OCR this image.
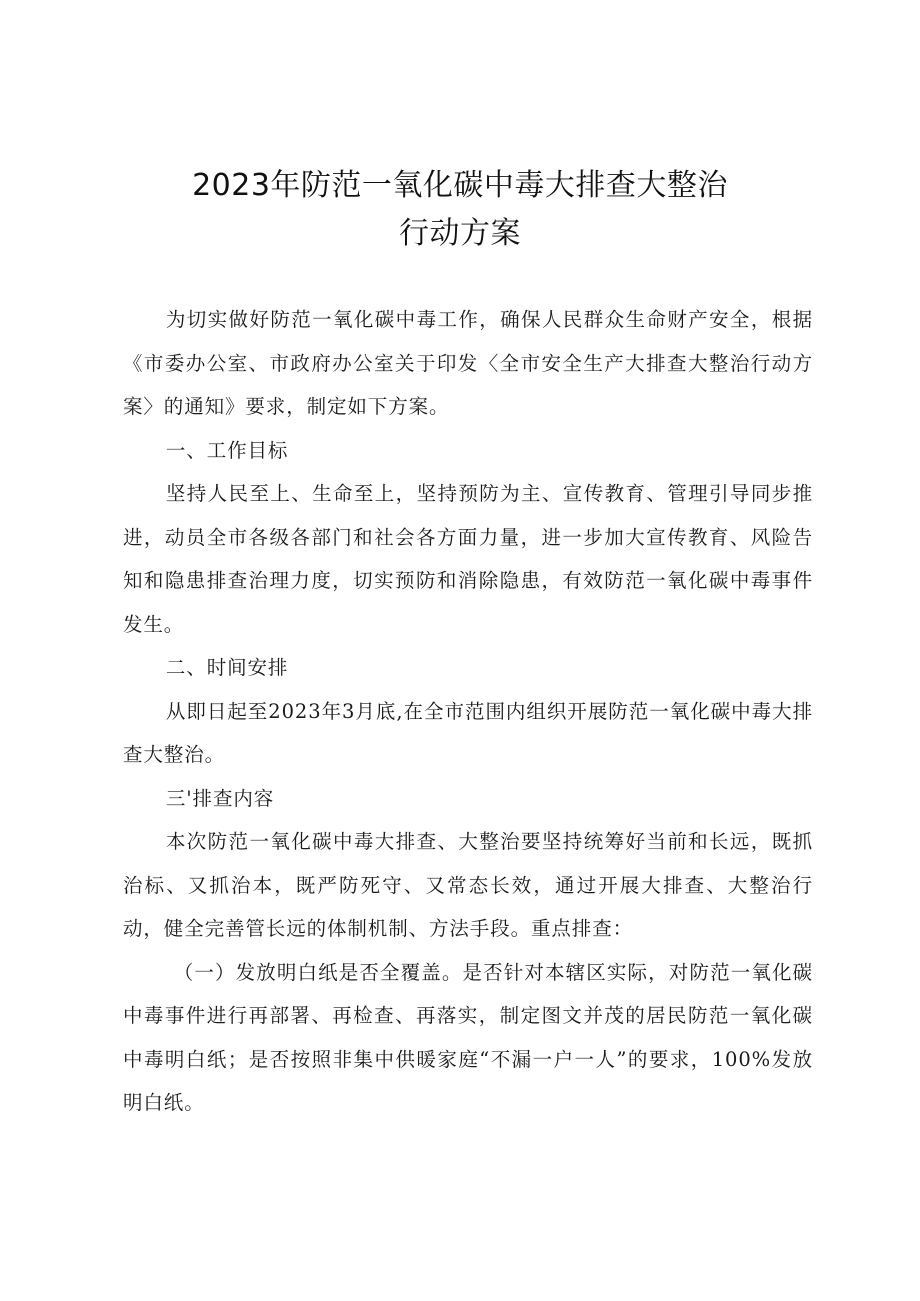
2023年防范一氧化碳中毒大排查大整治
行动方案

为切实做好防范一氧化碳中毒工作，确保人民群众生命财产安全，根据《市委办公室、市政府办公室关于印发〈全市安全生产大排查大整治行动方案〉的通知》要求，制定如下方案。

一、工作目标

坚持人民至上、生命至上，坚持预防为主、宣传教育、管理引导同步推进，动员全市各级各部门和社会各方面力量，进一步加大宣传教育、风险告知和隐患排查治理力度，切实预防和消除隐患，有效防范一氧化碳中毒事件发生。

二、时间安排

从即日起至2023年3月底,在全市范围内组织开展防范一氧化碳中毒大排查大整治。

三'排查内容

本次防范一氧化碳中毒大排查、大整治要坚持统筹好当前和长远，既抓治标、又抓治本，既严防死守、又常态长效，通过开展大排查、大整治行动，健全完善管长远的体制机制、方法手段。重点排查：

（一）发放明白纸是否全覆盖。是否针对本辖区实际，对防范一氧化碳中毒事件进行再部署、再检查、再落实，制定图文并茂的居民防范一氧化碳中毒明白纸；是否按照非集中供暖家庭“不漏一户一人”的要求，100%发放明白纸。
